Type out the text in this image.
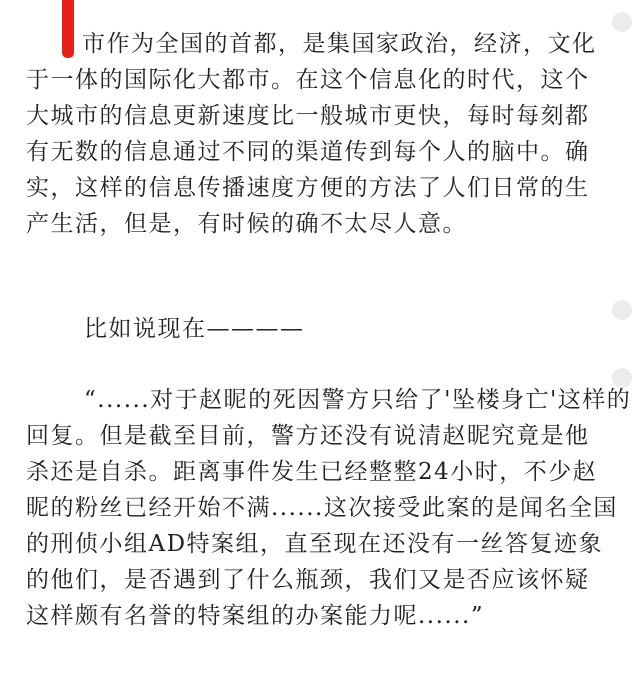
市作为全国的首都，是集国家政治，经济，文化
于一体的国际化大都市。在这个信息化的时代，这个
大城市的信息更新速度比一般城市更快，每时每刻都
有无数的信息通过不同的渠道传到每个人的脑中。确
实，这样的信息传播速度方便的方法了人们日常的生
产生活，但是，有时候的确不太尽人意。
比如说现在————
“......对于赵昵的死因警方只给了'坠楼身亡'这样的
回复。但是截至目前，警方还没有说清赵昵究竟是他
杀还是自杀。距离事件发生已经整整24小时，不少赵
昵的粉丝已经开始不满......这次接受此案的是闻名全国
的刑侦小组AD特案组，直至现在还没有一丝答复迹象
的他们，是否遇到了什么瓶颈，我们又是否应该怀疑
这样颇有名誉的特案组的办案能力呢......”
